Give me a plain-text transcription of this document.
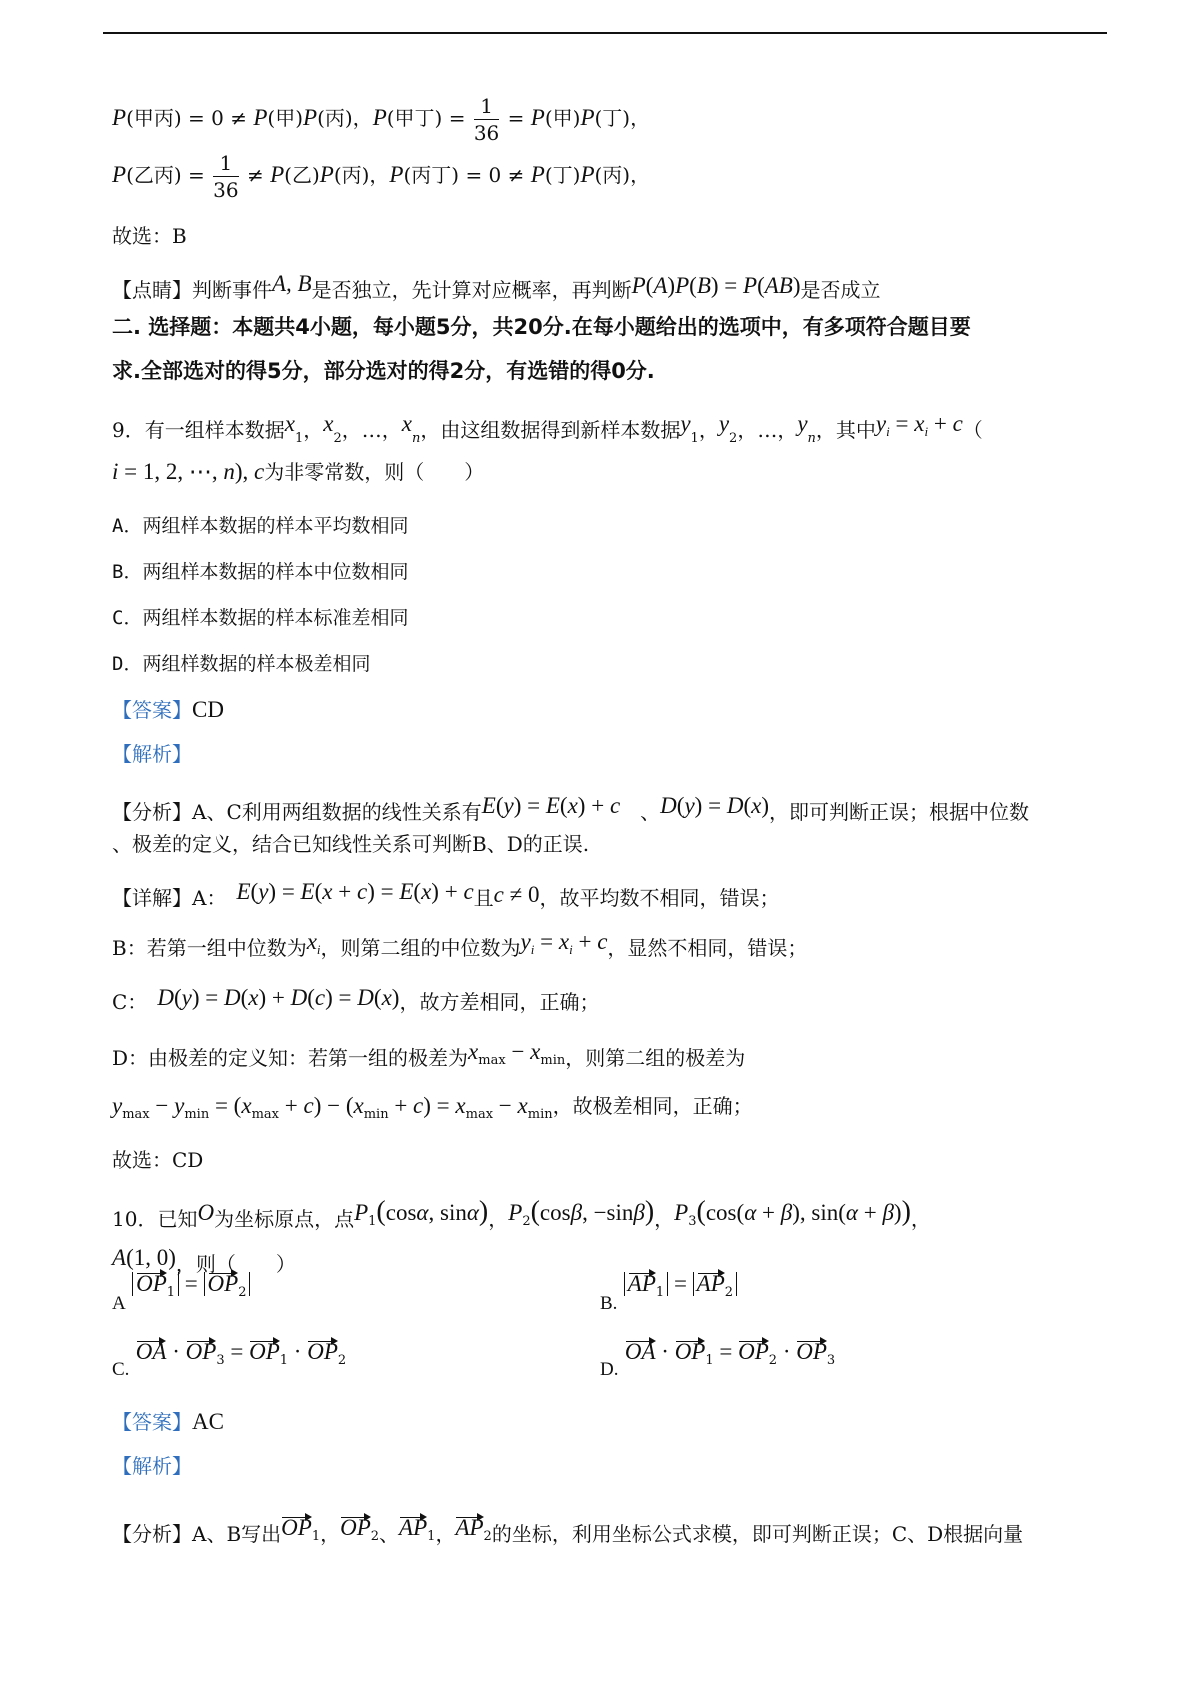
P(甲丙) = 0 ≠ P(甲)P(丙)，P(甲丁) = $\frac{1}{36} = P$(甲)P(丁)，
P(乙丙) = $\frac{1}{36} \ne P$(乙)P(丙)，P(丙丁) = 0 ≠ P(丁)P(丙)，
故选：B
【点睛】判断事件A, B是否独立，先计算对应概率，再判断P(A)P(B) = P(AB)是否成立
二. 选择题：本题共4小题，每小题5分，共20分.在每小题给出的选项中，有多项符合题目要
求.全部选对的得5分，部分选对的得2分，有选错的得0分.
9．有一组样本数据$x_1$，$x_2$，…，$x_n$，由这组数据得到新样本数据$y_1$，$y_2$，…，$y_n$，其中$y_i = x_i + c$（
i = 1, 2, ⋯, n), c为非零常数，则（　　）
A．两组样本数据的样本平均数相同
B．两组样本数据的样本中位数相同
C．两组样本数据的样本标准差相同
D．两组样数据的样本极差相同
【答案】CD
【解析】
【分析】A、C利用两组数据的线性关系有E(y) = E(x) + c　、D(y) = D(x)，即可判断正误；根据中位数
、极差的定义，结合已知线性关系可判断B、D的正误.
【详解】A：　 E(y) = E(x + c) = E(x) + c且c ≠ 0，故平均数不相同，错误；
B：若第一组中位数为$x_i$，则第二组的中位数为$y_i = x_i + c$，显然不相同，错误；
C：　 D(y) = D(x) + D(c) = D(x)，故方差相同，正确；
D：由极差的定义知：若第一组的极差为$x_{max} - x_{min}$，则第二组的极差为
$y_{max} - y_{min} = (x_{max} + c) - (x_{min} + c) = x_{max} - x_{min}$，故极差相同，正确；
故选：CD
10．已知O为坐标原点，点$P_1(\cos\alpha$, sinα)，$P_2(\cos\beta$, −sinβ)，$P_3(\cos(\alpha + \beta)$, sin(α + β))，
A(1, 0)，则（　　）
A $OP_1 = OP_2$
B. $AP_1 = AP_2$
C. OA · $OP_3 = OP_1 \cdot OP_2$	D. OA · $OP_1 = OP_2 \cdot OP_3$
【答案】AC
【解析】
【分析】A、B写出$OP_1$，$OP_2$、$AP_1$，$AP_2$的坐标，利用坐标公式求模，即可判断正误；C、D根据向量
